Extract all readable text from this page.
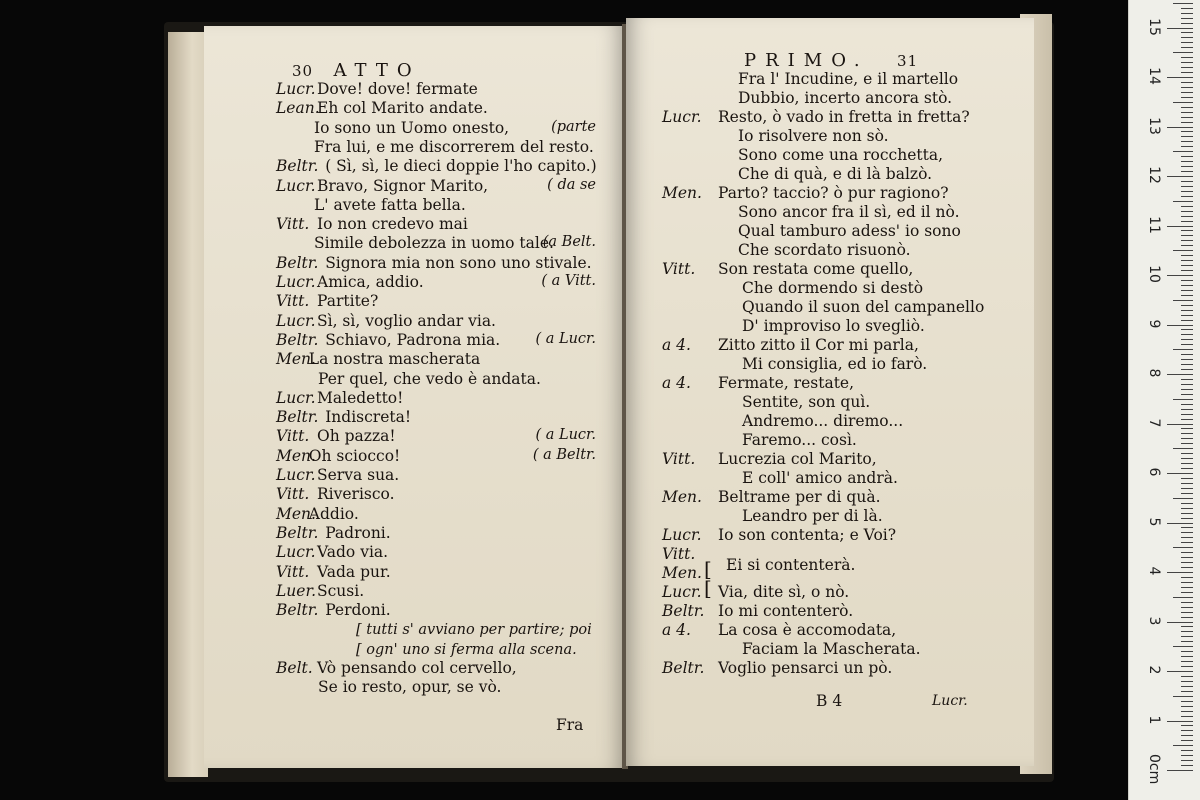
30 ATTO
Lucr. Dove! dove! fermate
Lean.
Eh col Marito andate.
Io sono un Uomo onesto,	(parte
Fra lui, e me discorrerem del resto.
Beltr. ( Sì, sì, le dieci doppie l'ho capito.)
Lucr. Bravo, Signor Marito,	( da se
L' avete fatta bella.
Vitt. Io non credevo mai
Simile debolezza in uomo tale.
(a Belt.
Beltr. Signora mia non sono uno stivale.
Lucr. Amica, addio.	( a Vitt.
Vitt. Partite?
Lucr. Sì, sì, voglio andar via.
Beltr. Schiavo, Padrona mia. ( a Lucr.
Men.
La nostra mascherata
Per quel, che vedo è andata.
Lucr. Maledetto!
Beltr. Indiscreta!
Vitt. Oh pazza!	( a Lucr.
Men.
Oh sciocco!	( a Beltr.
Lucr. Serva sua.
Vitt. Riverisco.
Men.
Addio.
Beltr. Padroni.
Lucr. Vado via.
Vitt. Vada pur.
Luer. Scusi.
Beltr. Perdoni.
[ tutti s' avviano per partire; poi
[ ogn' uno si ferma alla scena.
Belt. Vò pensando col cervello,
Se io resto, opur, se vò.
Fra
PRIMO. 31
Fra l' Incudine, e il martello
Dubbio, incerto ancora stò.
Lucr. Resto, ò vado in fretta in fretta?
Io risolvere non sò.
Sono come una rocchetta,
Che di quà, e di là balzò.
Men. Parto? taccio? ò pur ragiono?
Sono ancor fra il sì, ed il nò.
Qual tamburo adess' io sono
Che scordato risuonò.
Vitt. Son restata come quello,
Che dormendo si destò
Quando il suon del campanello
D' improviso lo svegliò.
a 4. Zitto zitto il Cor mi parla,
Mi consiglia, ed io farò.
a 4. Fermate, restate,
Sentite, son quì.
Andremo... diremo...
Faremo... così.
Vitt. Lucrezia col Marito,
E coll' amico andrà.
Men. Beltrame per di quà.
Leandro per di là.
Lucr. Io son contenta; e Voi?
Vitt.
Men. Ei si contenterà.
Lucr. Via, dite sì, o nò.
Beltr. Io mi contenterò.
a 4. La cosa è accomodata,
Faciam la Mascherata.
Beltr. Voglio pensarci un pò.
[
[
B 4	Lucr.
0cm
1
2
3
4
5
6
7
8
9
10
11
12
13
14
15
